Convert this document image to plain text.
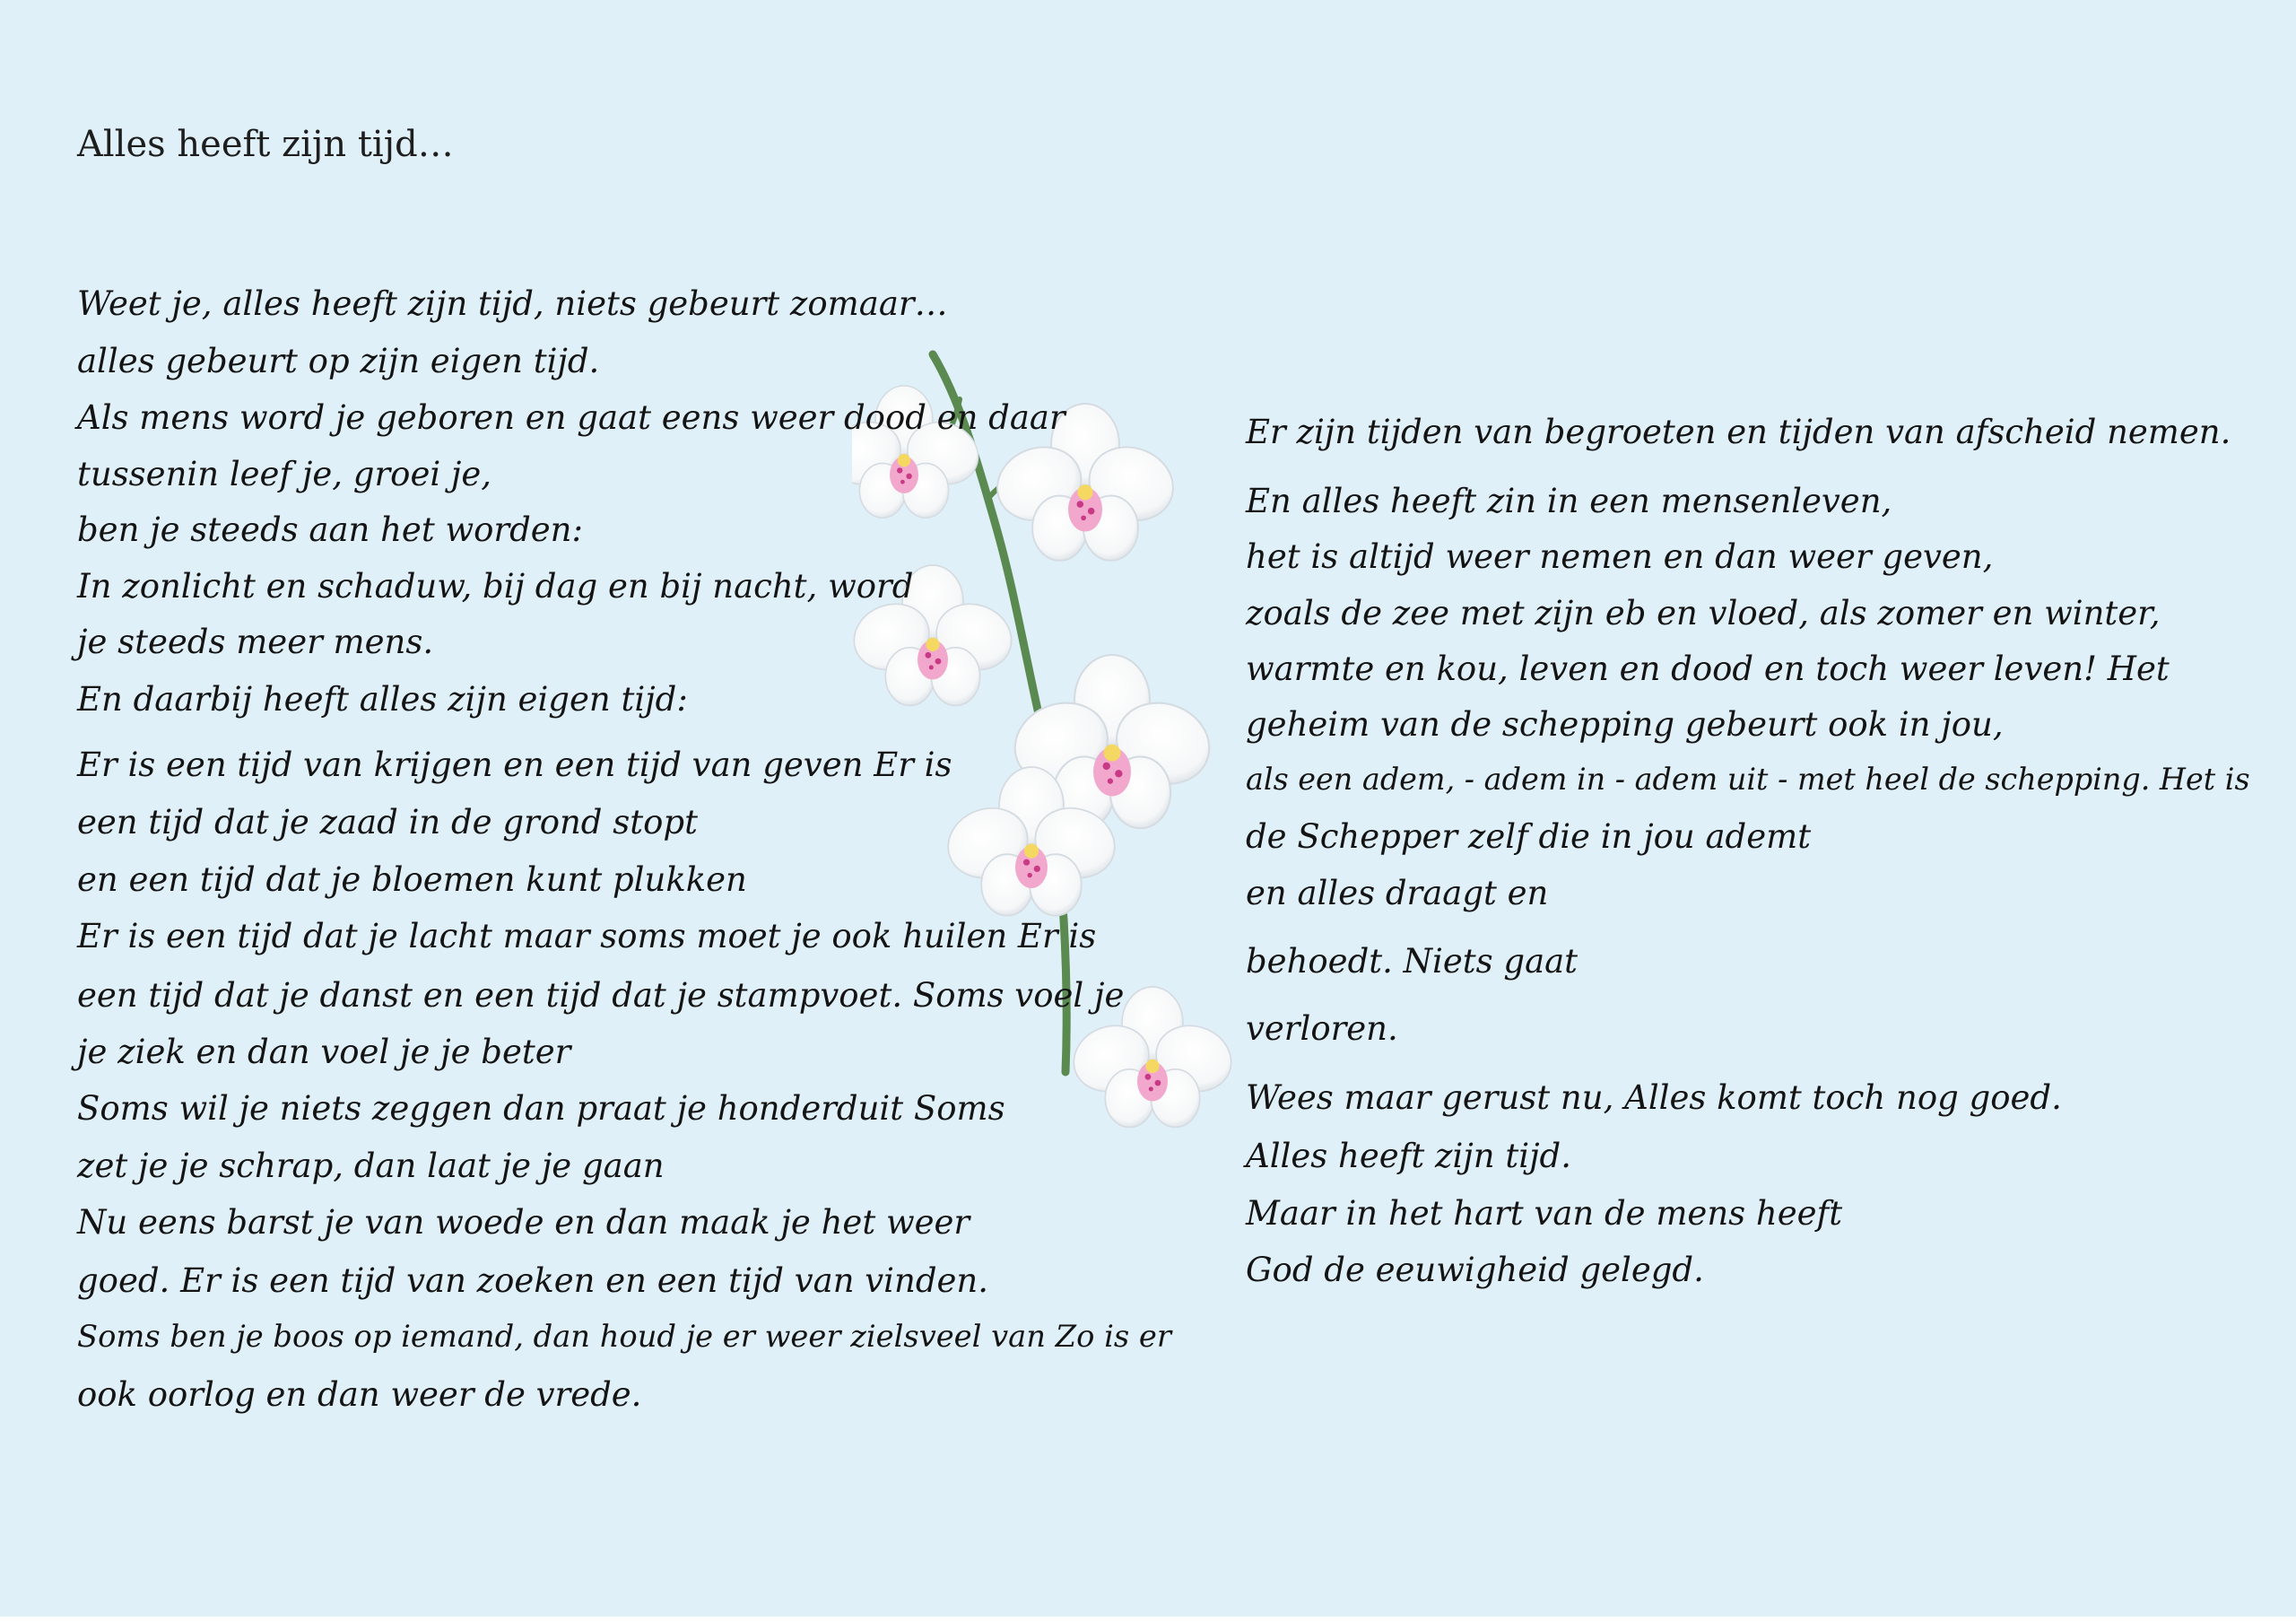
Alles heeft zijn tijd…
Weet je, alles heeft zijn tijd, niets gebeurt zomaar…
alles gebeurt op zijn eigen tijd.
Als mens word je geboren en gaat eens weer dood en daar
tussenin leef je, groei je,
ben je steeds aan het worden:
In zonlicht en schaduw, bij dag en bij nacht, word
je steeds meer mens.
En daarbij heeft alles zijn eigen tijd:
Er is een tijd van krijgen en een tijd van geven Er is
een tijd dat je zaad in de grond stopt
en een tijd dat je bloemen kunt plukken
Er is een tijd dat je lacht maar soms moet je ook huilen Er is
een tijd dat je danst en een tijd dat je stampvoet. Soms voel je
je ziek en dan voel je je beter
Soms wil je niets zeggen dan praat je honderduit Soms
zet je je schrap, dan laat je je gaan
Nu eens barst je van woede en dan maak je het weer
goed. Er is een tijd van zoeken en een tijd van vinden.
Soms ben je boos op iemand, dan houd je er weer zielsveel van Zo is er
ook oorlog en dan weer de vrede.
Er zijn tijden van begroeten en tijden van afscheid nemen.
En alles heeft zin in een mensenleven,
het is altijd weer nemen en dan weer geven,
zoals de zee met zijn eb en vloed, als zomer en winter,
warmte en kou, leven en dood en toch weer leven! Het
geheim van de schepping gebeurt ook in jou,
als een adem, - adem in - adem uit - met heel de schepping. Het is
de Schepper zelf die in jou ademt
en alles draagt en
behoedt. Niets gaat
verloren.
Wees maar gerust nu, Alles komt toch nog goed.
Alles heeft zijn tijd.
Maar in het hart van de mens heeft
God de eeuwigheid gelegd.
